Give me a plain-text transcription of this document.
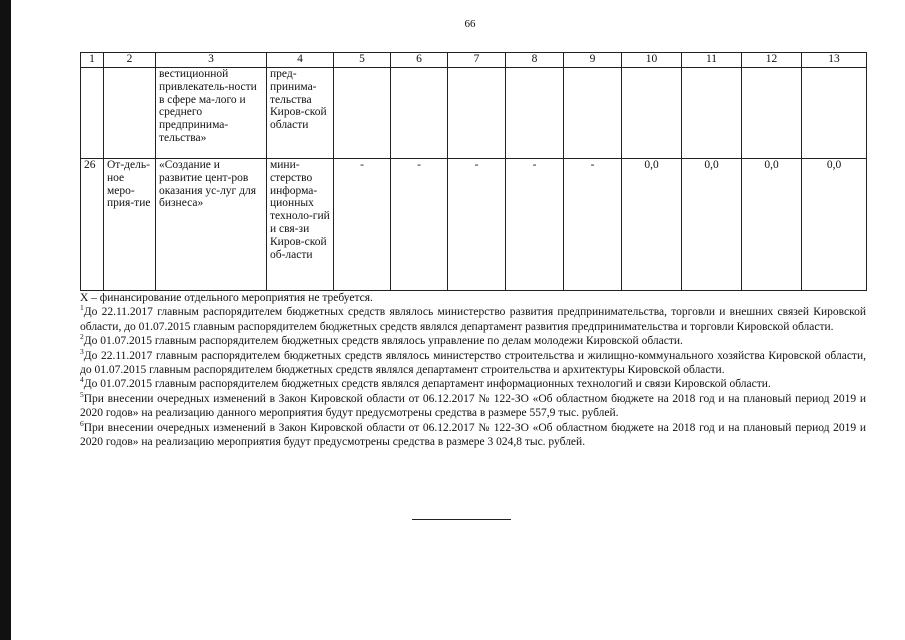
66
1	2	3	4	5	6	7	8	9	10	11	12	13
		вестиционной привлекатель-ности в сфере ма-лого и среднего предпринима-тельства»	пред-принима-тельства Киров-ской области									
26	От-дель-ное меро-прия-тие	«Создание и развитие цент-ров оказания ус-луг для бизнеса»	мини-стерство информа-ционных техноло-гий и свя-зи Киров-ской об-ласти	-	-	-	-	-	0,0	0,0	0,0	0,0

Х – финансирование отдельного мероприятия не требуется.

$^1$До 22.11.2017 главным распорядителем бюджетных средств являлось министерство развития предпринимательства, торговли и внешних связей Кировской области, до 01.07.2015 главным распорядителем бюджетных средств являлся департамент развития предпринимательства и торговли Кировской области.

$^2$До 01.07.2015 главным распорядителем бюджетных средств являлось управление по делам молодежи Кировской области.

$^3$До 22.11.2017 главным распорядителем бюджетных средств являлось министерство строительства и жилищно-коммунального хозяйства Кировской области, до 01.07.2015 главным распорядителем бюджетных средств являлся департамент строительства и архитектуры Кировской области.

$^4$До 01.07.2015 главным распорядителем бюджетных средств являлся департамент информационных технологий и связи Кировской области.

$^5$При внесении очередных изменений в Закон Кировской области от 06.12.2017 № 122-ЗО «Об областном бюджете на 2018 год и на плановый период 2019 и 2020 годов» на реализацию данного мероприятия будут предусмотрены средства в размере 557,9 тыс. рублей.

$^6$При внесении очередных изменений в Закон Кировской области от 06.12.2017 № 122-ЗО «Об областном бюджете на 2018 год и на плановый период 2019 и 2020 годов» на реализацию мероприятия будут предусмотрены средства в размере 3 024,8 тыс. рублей.

.
